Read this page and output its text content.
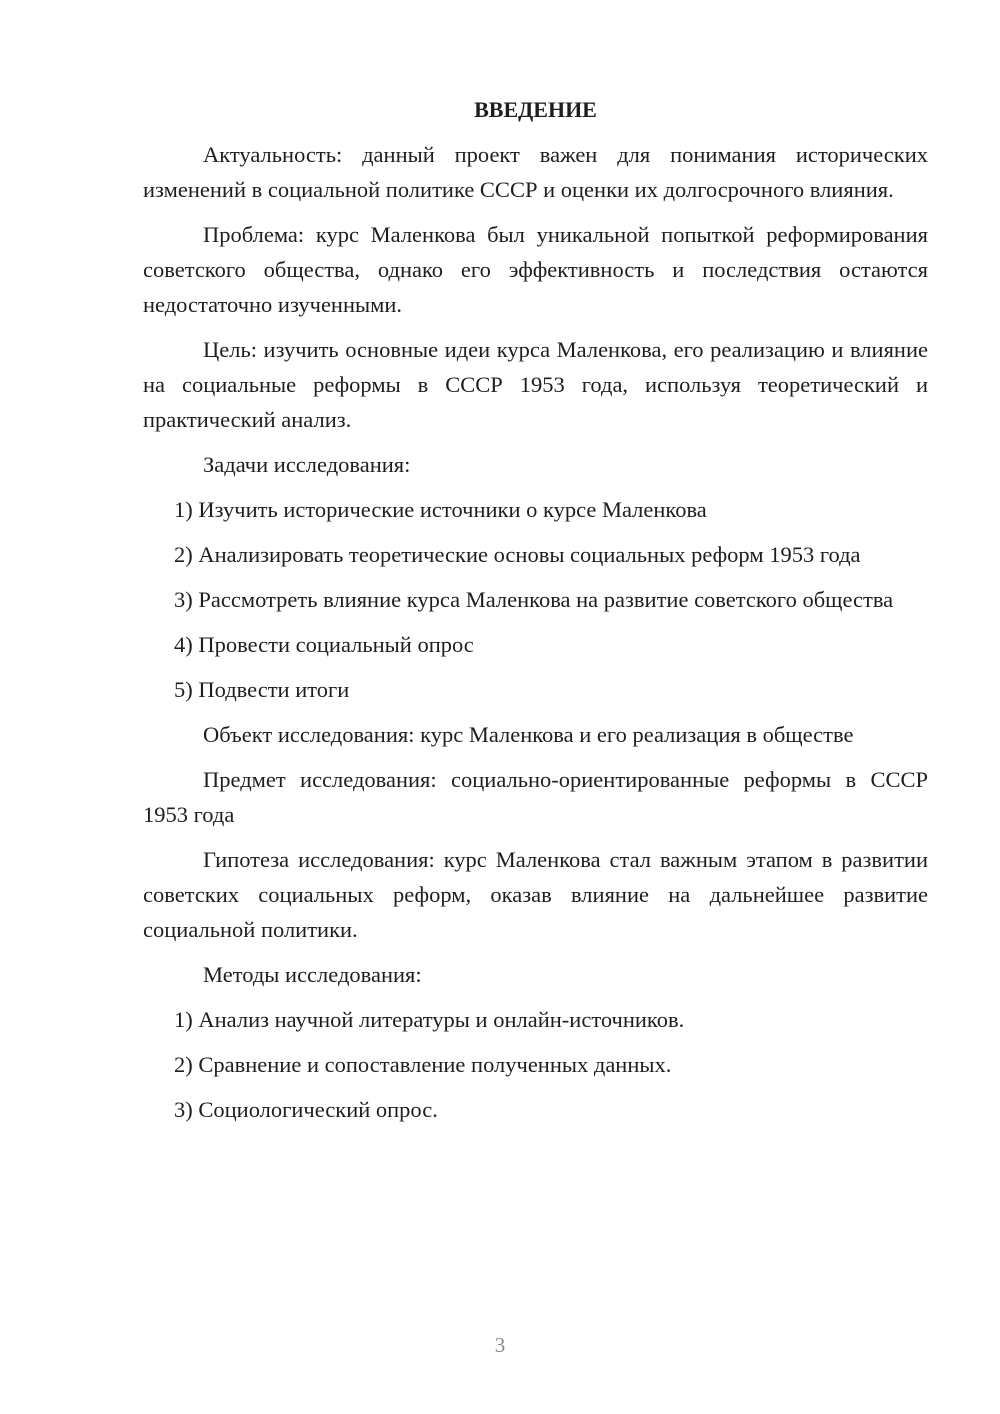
ВВЕДЕНИЕ

Актуальность: данный проект важен для понимания исторических изменений в социальной политике СССР и оценки их долгосрочного влияния.

Проблема: курс Маленкова был уникальной попыткой реформирования советского общества, однако его эффективность и последствия остаются недостаточно изученными.

Цель: изучить основные идеи курса Маленкова, его реализацию и влияние на социальные реформы в СССР 1953 года, используя теоретический и практический анализ.

Задачи исследования:

1) Изучить исторические источники о курсе Маленкова

2) Анализировать теоретические основы социальных реформ 1953 года

3) Рассмотреть влияние курса Маленкова на развитие советского общества

4) Провести социальный опрос

5) Подвести итоги

Объект исследования: курс Маленкова и его реализация в обществе

Предмет исследования: социально-ориентированные реформы в СССР 1953 года

Гипотеза исследования: курс Маленкова стал важным этапом в развитии советских социальных реформ, оказав влияние на дальнейшее развитие социальной политики.

Методы исследования:

1) Анализ научной литературы и онлайн-источников.

2) Сравнение и сопоставление полученных данных.

3) Социологический опрос.

3
